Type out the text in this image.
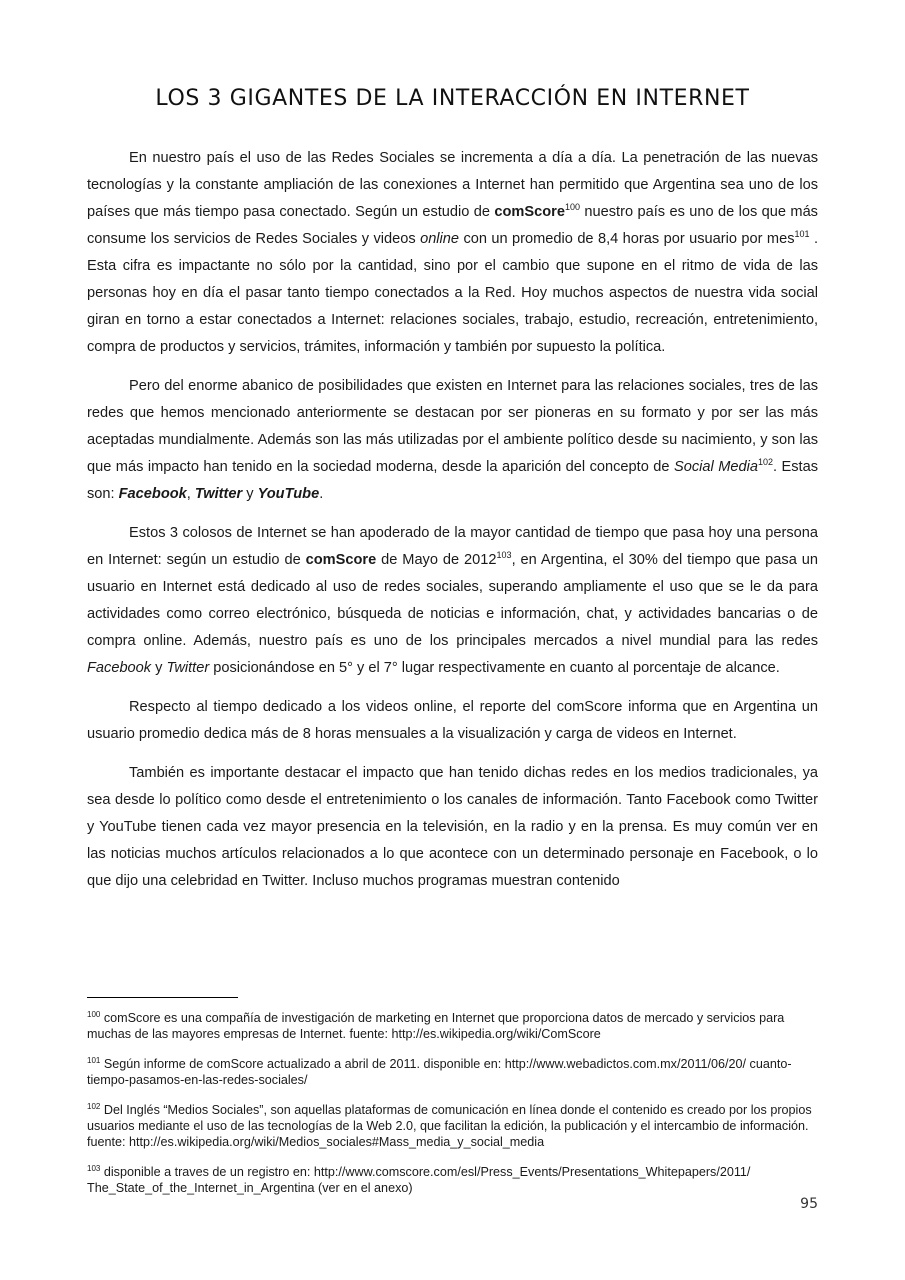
LOS 3 GIGANTES DE LA INTERACCIÓN EN INTERNET

En nuestro país el uso de las Redes Sociales se incrementa a día a día. La penetración de las nuevas tecnologías y la constante ampliación de las conexiones a Internet han permitido que Argentina sea uno de los países que más tiempo pasa conectado. Según un estudio de comScore$^{100}$ nuestro país es uno de los que más consume los servicios de Redes Sociales y videos online con un promedio de 8,4 horas por usuario por mes$^{101}$ . Esta cifra es impactante no sólo por la cantidad, sino por el cambio que supone en el ritmo de vida de las personas hoy en día el pasar tanto tiempo conectados a la Red. Hoy muchos aspectos de nuestra vida social giran en torno a estar conectados a Internet: relaciones sociales, trabajo, estudio, recreación, entretenimiento, compra de productos y servicios, trámites, información y también por supuesto la política.

Pero del enorme abanico de posibilidades que existen en Internet para las relaciones sociales, tres de las redes que hemos mencionado anteriormente se destacan por ser pioneras en su formato y por ser las más aceptadas mundialmente. Además son las más utilizadas por el ambiente político desde su nacimiento, y son las que más impacto han tenido en la sociedad moderna, desde la aparición del concepto de Social Media$^{102}$. Estas son: Facebook, Twitter y YouTube.

Estos 3 colosos de Internet se han apoderado de la mayor cantidad de tiempo que pasa hoy una persona en Internet: según un estudio de comScore de Mayo de 2012$^{103}$, en Argentina, el 30% del tiempo que pasa un usuario en Internet está dedicado al uso de redes sociales, superando ampliamente el uso que se le da para actividades como correo electrónico, búsqueda de noticias e información, chat, y actividades bancarias o de compra online. Además, nuestro país es uno de los principales mercados a nivel mundial para las redes Facebook y Twitter posicionándose en 5° y el 7° lugar respectivamente en cuanto al porcentaje de alcance.

Respecto al tiempo dedicado a los videos online, el reporte del comScore informa que en Argentina un usuario promedio dedica más de 8 horas mensuales a la visualización y carga de videos en Internet.

También es importante destacar el impacto que han tenido dichas redes en los medios tradicionales, ya sea desde lo político como desde el entretenimiento o los canales de información. Tanto Facebook como Twitter y YouTube tienen cada vez mayor presencia en la televisión, en la radio y en la prensa. Es muy común ver en las noticias muchos artículos relacionados a lo que acontece con un determinado personaje en Facebook, o lo que dijo una celebridad en Twitter. Incluso muchos programas muestran contenido

$^{100}$ comScore es una compañía de investigación de marketing en Internet que proporciona datos de mercado y servicios para muchas de las mayores empresas de Internet. fuente: http://es.wikipedia.org/wiki/ComScore

$^{101}$ Según informe de comScore actualizado a abril de 2011. disponible en: http://www.webadictos.com.mx/2011/06/20/ cuanto-tiempo-pasamos-en-las-redes-sociales/

$^{102}$ Del Inglés “Medios Sociales”, son aquellas plataformas de comunicación en línea donde el contenido es creado por los propios usuarios mediante el uso de las tecnologías de la Web 2.0, que facilitan la edición, la publicación y el intercambio de información. fuente: http://es.wikipedia.org/wiki/Medios_sociales#Mass_media_y_social_media

$^{103}$ disponible a traves de un registro en: http://www.comscore.com/esl/Press_Events/Presentations_Whitepapers/2011/ The_State_of_the_Internet_in_Argentina (ver en el anexo)

95
